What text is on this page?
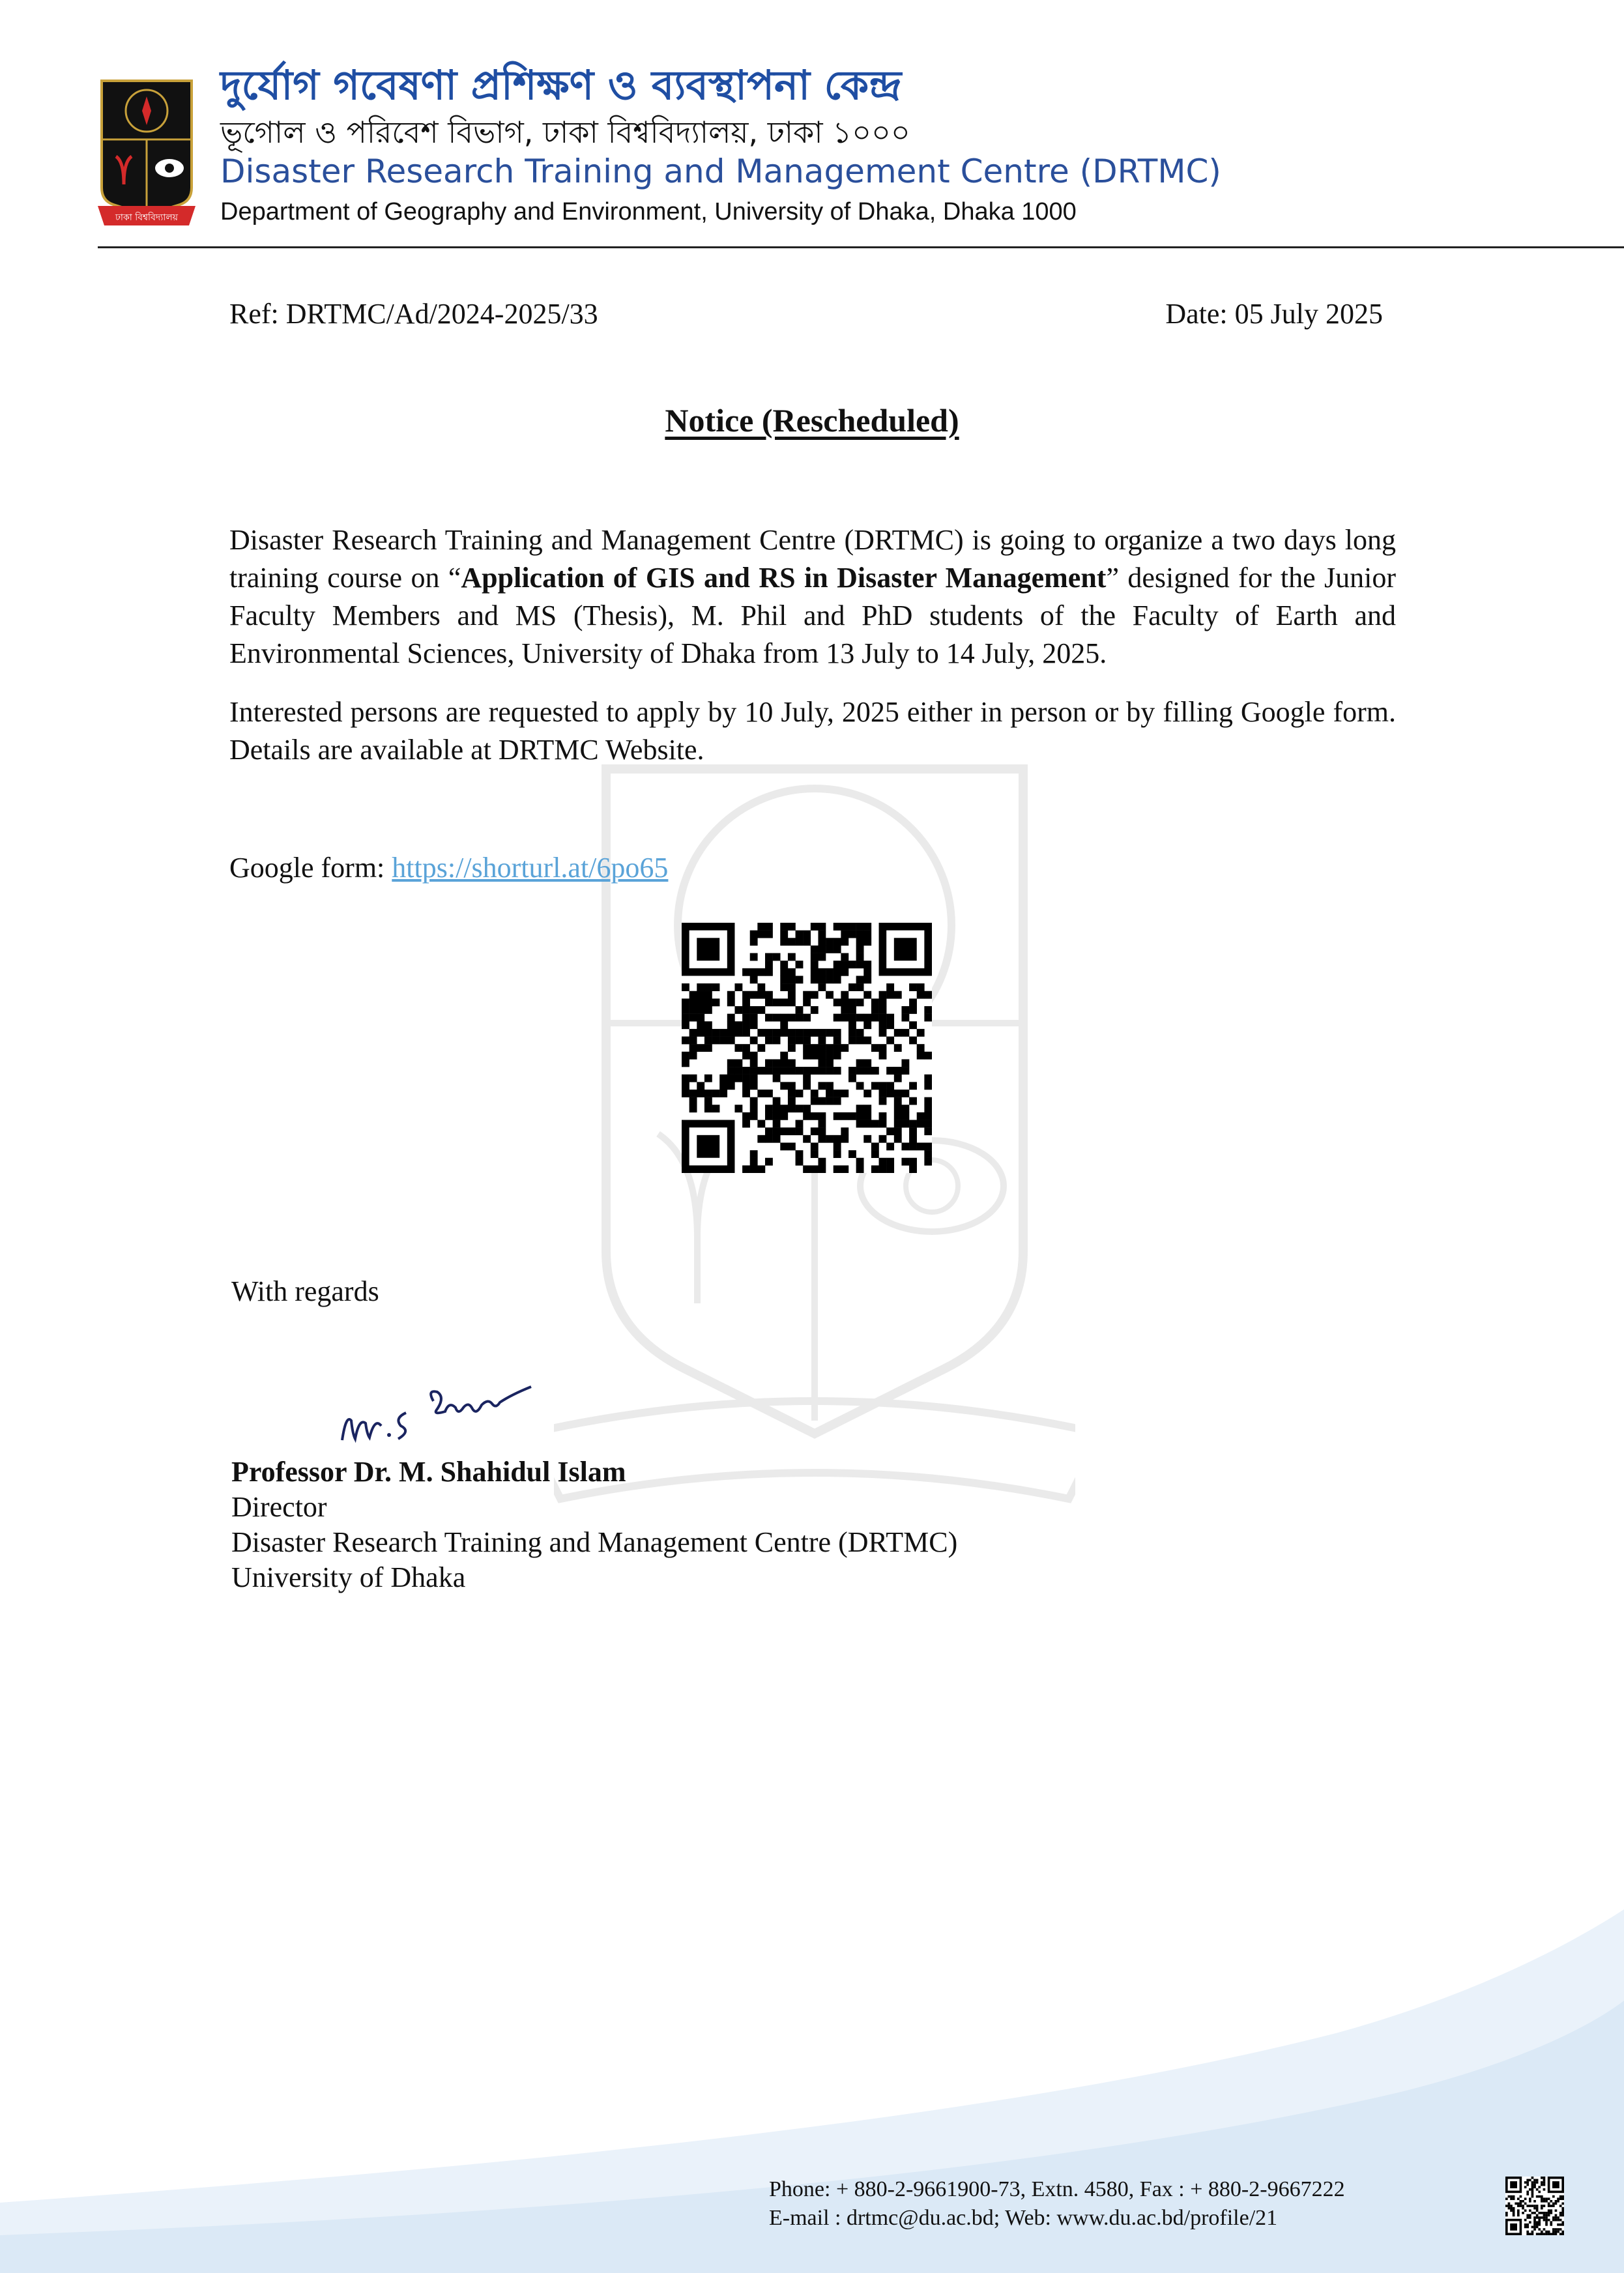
ঢাকা বিশ্ববিদ্যালয়
দুর্যোগ গবেষণা প্রশিক্ষণ ও ব্যবস্থাপনা কেন্দ্র
ভূগোল ও পরিবেশ বিভাগ, ঢাকা বিশ্ববিদ্যালয়, ঢাকা ১০০০
Disaster Research Training and Management Centre (DRTMC)
Department of Geography and Environment, University of Dhaka, Dhaka 1000
Ref: DRTMC/Ad/2024-2025/33	Date: 05 July 2025
Notice (Rescheduled)
Disaster Research Training and Management Centre (DRTMC) is going to organize a two days long training course on “Application of GIS and RS in Disaster Management” designed for the Junior Faculty Members and MS (Thesis), M. Phil and PhD students of the Faculty of Earth and Environmental Sciences, University of Dhaka from 13 July to 14 July, 2025.
Interested persons are requested to apply by 10 July, 2025 either in person or by filling Google form. Details are available at DRTMC Website.
Google form: https://shorturl.at/6po65
With regards
Professor Dr. M. Shahidul Islam
Director
Disaster Research Training and Management Centre (DRTMC)
University of Dhaka
Phone: + 880-2-9661900-73, Extn. 4580, Fax : + 880-2-9667222
E-mail : drtmc@du.ac.bd; Web: www.du.ac.bd/profile/21
